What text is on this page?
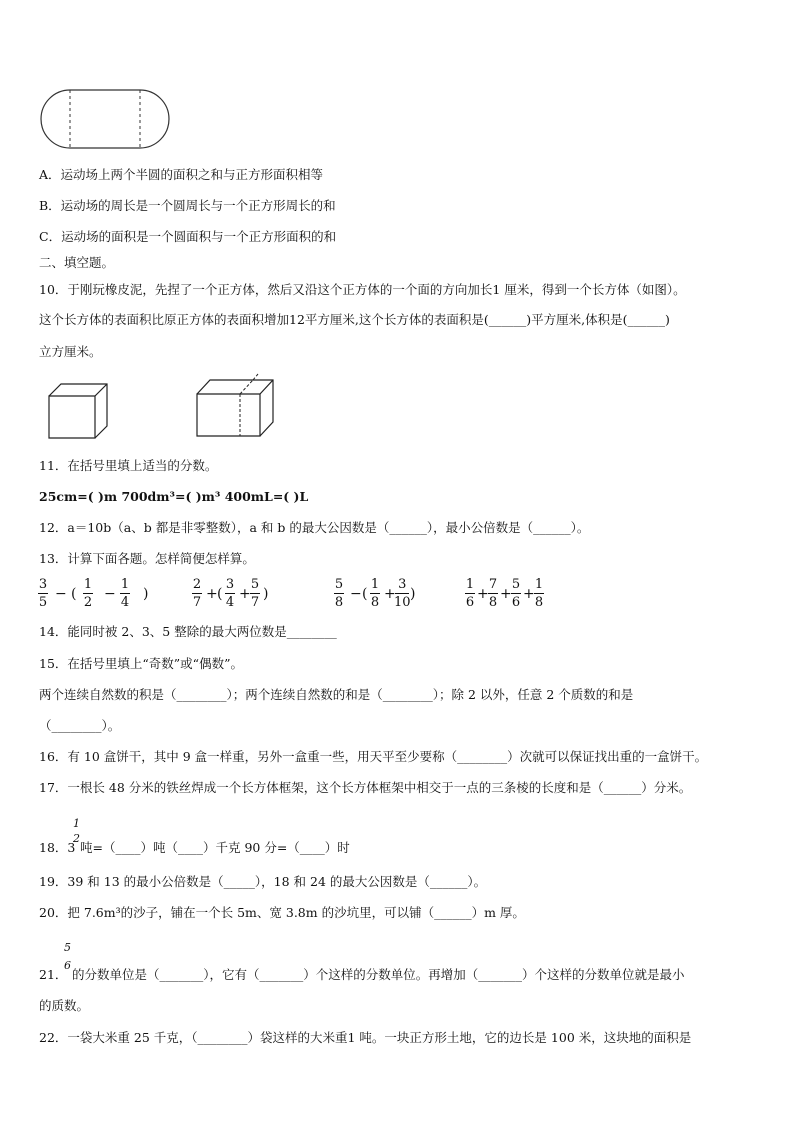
A．运动场上两个半圆的面积之和与正方形面积相等
B．运动场的周长是一个圆周长与一个正方形周长的和
C．运动场的面积是一个圆面积与一个正方形面积的和
二、填空题。
10．于刚玩橡皮泥，先捏了一个正方体，然后又沿这个正方体的一个面的方向加长1 厘米，得到一个长方体（如图）。
这个长方体的表面积比原正方体的表面积增加12平方厘米,这个长方体的表面积是(______)平方厘米,体积是(______)
立方厘米。
11．在括号里填上适当的分数。
25cm=( )m 700dm³=( )m³ 400mL=( )L
12．a＝10b（a、b 都是非零整数），a 和 b 的最大公因数是（______），最小公倍数是（______）。
13．计算下面各题。怎样简便怎样算。
3
5
− (
1
2
−
1
4
)
2
7
+ (
3
4
+
5
7
)
5
8
− (
1
8
+
3
10
)
1
6
+
7
8
+
5
6
+
1
8
14．能同时被 2、3、5 整除的最大两位数是________
15．在括号里填上“奇数”或“偶数”。
两个连续自然数的积是（________）；两个连续自然数的和是（________）；除 2 以外，任意 2 个质数的和是
（________）。
16．有 10 盒饼干，其中 9 盒一样重，另外一盒重一些，用天平至少要称（________）次就可以保证找出重的一盒饼干。
17．一根长 48 分米的铁丝焊成一个长方体框架，这个长方体框架中相交于一点的三条棱的长度和是（______）分米。
1
2
18．3 吨=（____）吨（____）千克 90 分=（____）时
19．39 和 13 的最小公倍数是（_____），18 和 24 的最大公因数是（______）。
20．把 7.6m³的沙子，铺在一个长 5m、宽 3.8m 的沙坑里，可以铺（______）m 厚。
5
6
21． 的分数单位是（_______），它有（_______）个这样的分数单位。再增加（_______）个这样的分数单位就是最小
的质数。
22．一袋大米重 25 千克，（________）袋这样的大米重1 吨。一块正方形土地，它的边长是 100 米，这块地的面积是
